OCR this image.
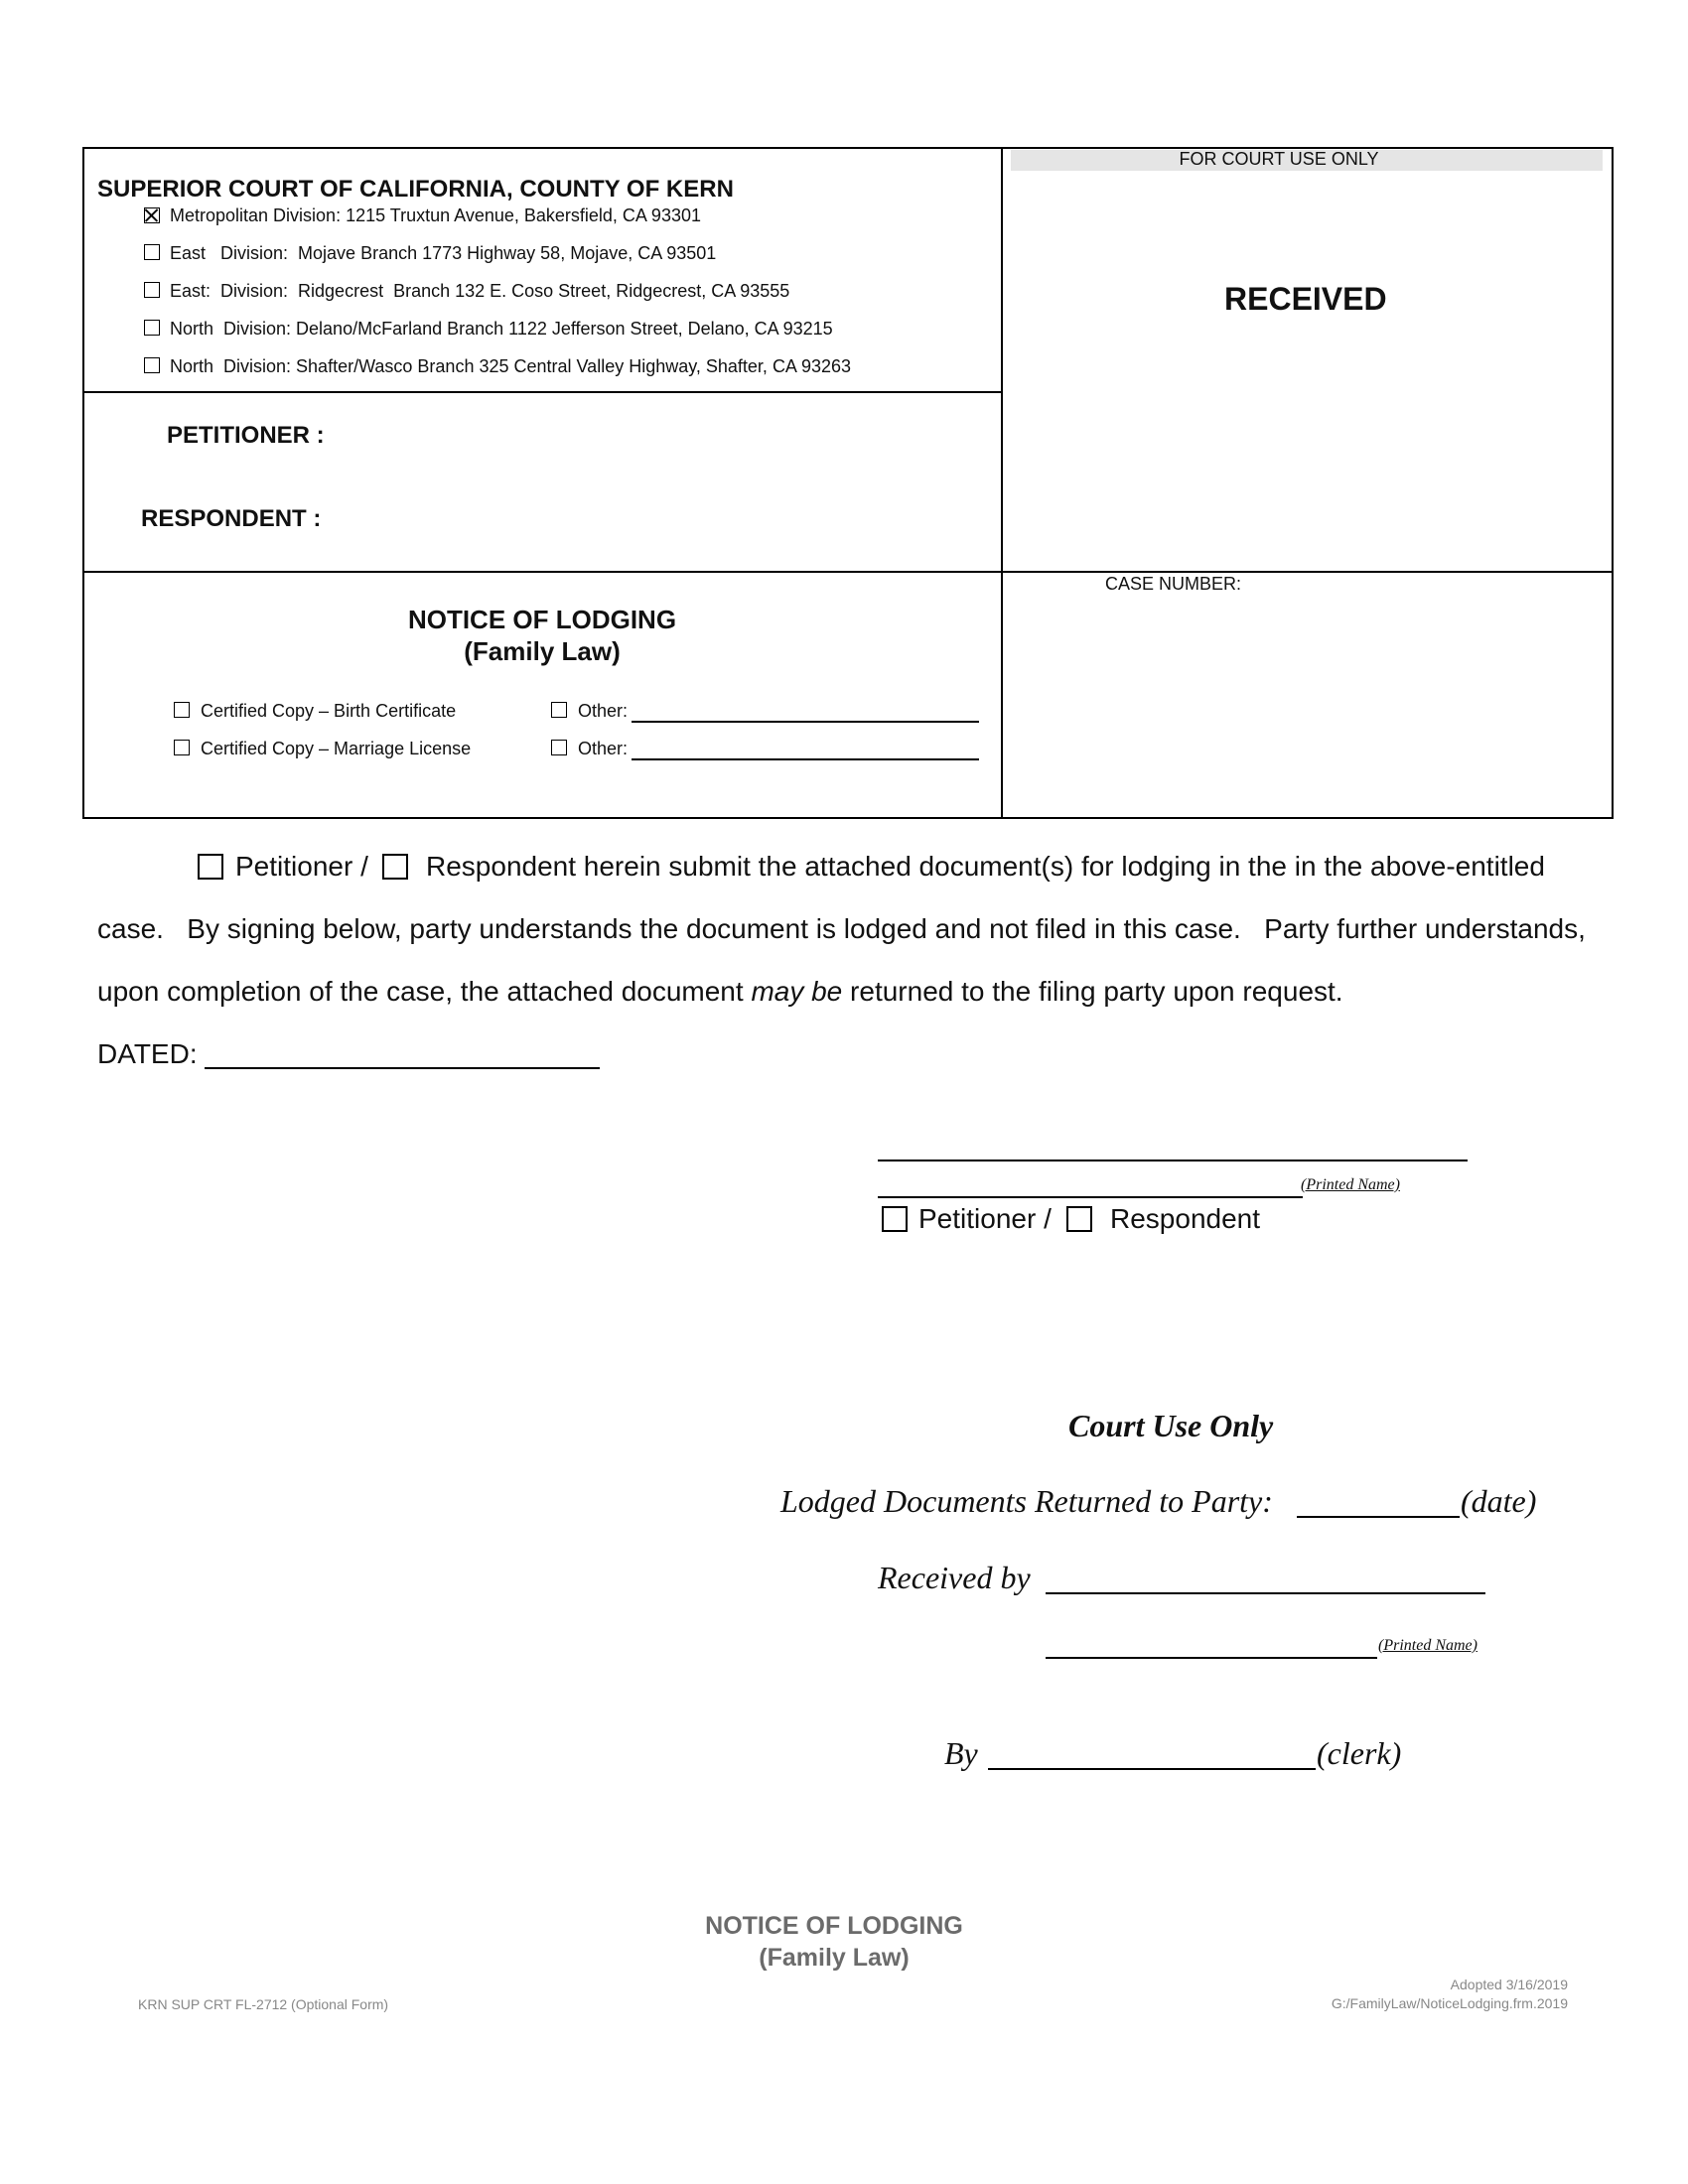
SUPERIOR COURT OF CALIFORNIA, COUNTY OF KERN
Metropolitan Division: 1215 Truxtun Avenue, Bakersfield, CA 93301
East   Division:  Mojave Branch 1773 Highway 58, Mojave, CA 93501
East:  Division:  Ridgecrest  Branch 132 E. Coso Street, Ridgecrest, CA 93555
North  Division: Delano/McFarland Branch 1122 Jefferson Street, Delano, CA 93215
North  Division: Shafter/Wasco Branch 325 Central Valley Highway, Shafter, CA 93263
FOR COURT USE ONLY
RECEIVED
PETITIONER :
RESPONDENT :
NOTICE OF LODGING
(Family Law)
CASE NUMBER:
Certified Copy – Birth Certificate
Certified Copy – Marriage License
Other:
Other:
Petitioner / Respondent herein submit the attached document(s) for lodging in the in the above-entitled
case.   By signing below, party understands the document is lodged and not filed in this case.   Party further understands,
upon completion of the case, the attached document may be returned to the filing party upon request.
DATED:
(Printed Name)
Petitioner / Respondent
Court Use Only
Lodged Documents Returned to Party:	(date)
Received by
(Printed Name)
By	(clerk)
NOTICE OF LODGING
(Family Law)
KRN SUP CRT FL-2712 (Optional Form)
Adopted 3/16/2019
G:/FamilyLaw/NoticeLodging.frm.2019
